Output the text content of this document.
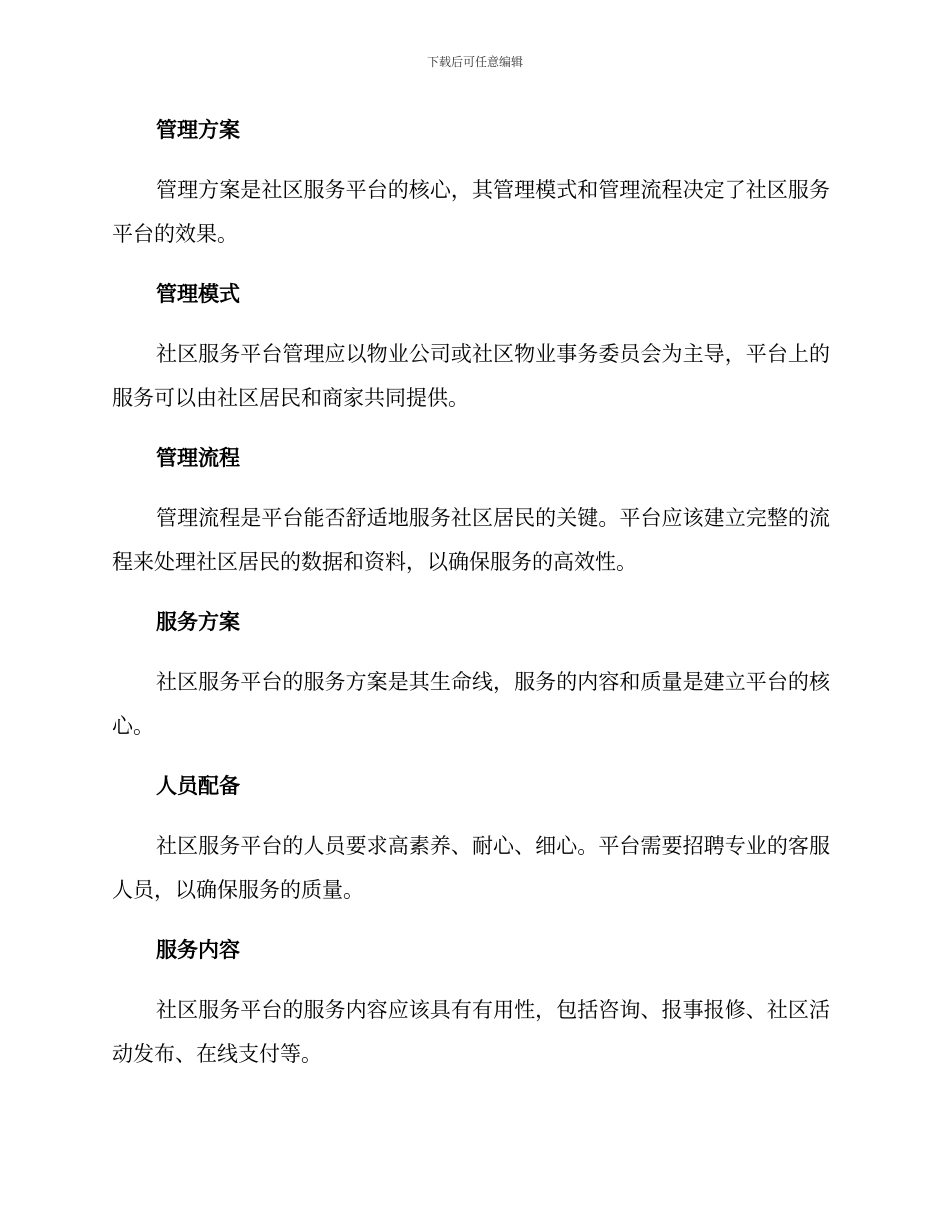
下载后可任意编辑
管理方案

管理方案是社区服务平台的核心，其管理模式和管理流程决定了社区服务平台的效果。

管理模式

社区服务平台管理应以物业公司或社区物业事务委员会为主导，平台上的服务可以由社区居民和商家共同提供。

管理流程

管理流程是平台能否舒适地服务社区居民的关键。平台应该建立完整的流程来处理社区居民的数据和资料，以确保服务的高效性。

服务方案

社区服务平台的服务方案是其生命线，服务的内容和质量是建立平台的核心。

人员配备

社区服务平台的人员要求高素养、耐心、细心。平台需要招聘专业的客服人员，以确保服务的质量。

服务内容

社区服务平台的服务内容应该具有有用性，包括咨询、报事报修、社区活动发布、在线支付等。
